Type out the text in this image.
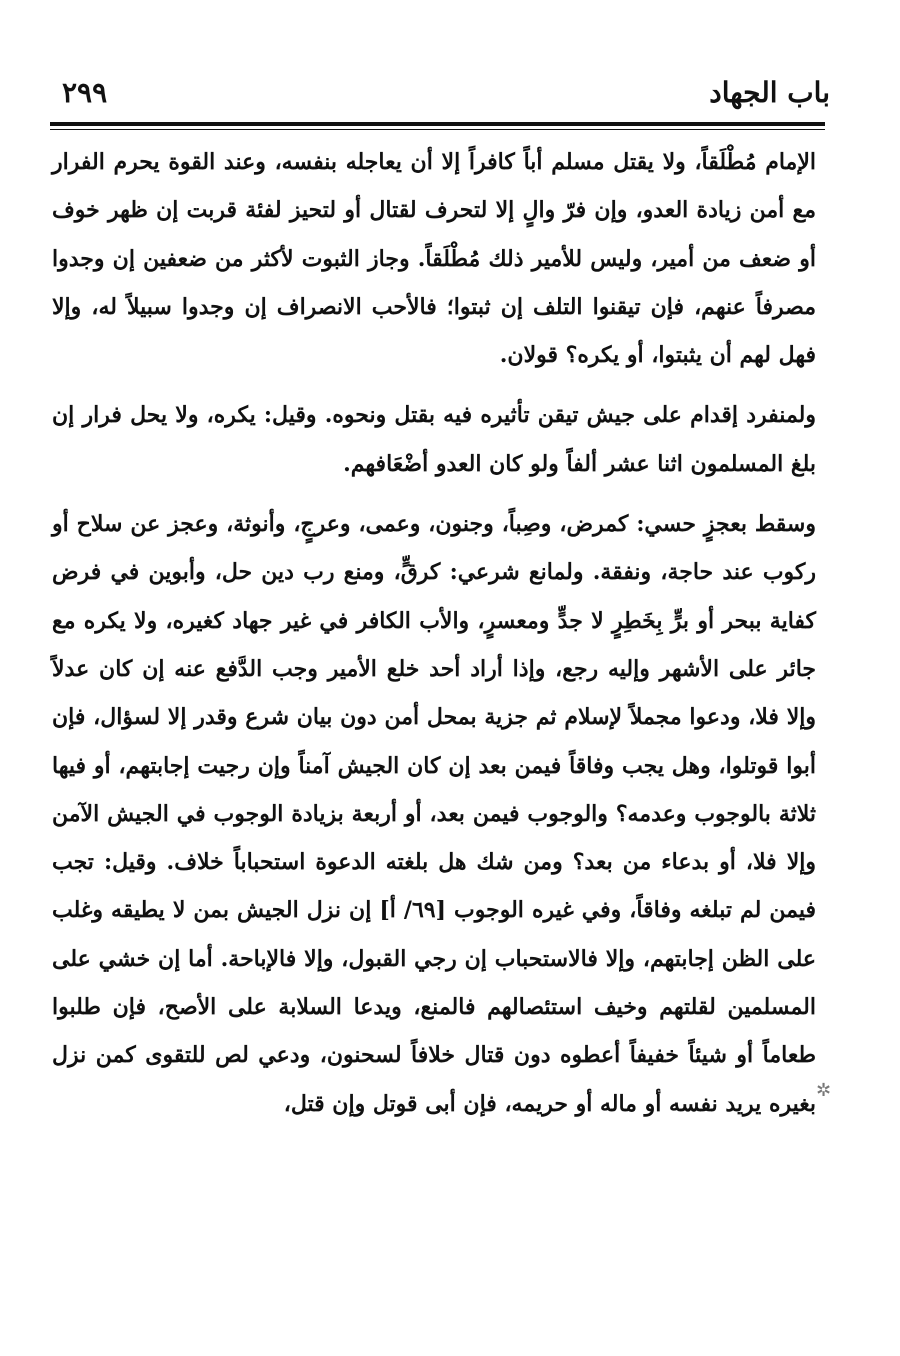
باب الجهاد
٢٩٩

الإمام مُطْلَقاً، ولا يقتل مسلم أباً كافراً إلا أن يعاجله بنفسه، وعند القوة يحرم الفرار مع أمن زيادة العدو، وإن فرّ والٍ إلا لتحرف لقتال أو لتحيز لفئة قربت إن ظهر خوف أو ضعف من أمير، وليس للأمير ذلك مُطْلَقاً. وجاز الثبوت لأكثر من ضعفين إن وجدوا مصرفاً عنهم، فإن تيقنوا التلف إن ثبتوا؛ فالأحب الانصراف إن وجدوا سبيلاً له، وإلا فهل لهم أن يثبتوا، أو يكره؟ قولان.

ولمنفرد إقدام على جيش تيقن تأثيره فيه بقتل ونحوه. وقيل: يكره، ولا يحل فرار إن بلغ المسلمون اثنا عشر ألفاً ولو كان العدو أضْعَافهم.

وسقط بعجزٍ حسي: كمرض، وصِباً، وجنون، وعمى، وعرجٍ، وأنوثة، وعجز عن سلاح أو ركوب عند حاجة، ونفقة. ولمانع شرعي: كرقٍّ، ومنع رب دين حل، وأبوين في فرض كفاية ببحر أو برٍّ بِخَطِرٍ لا جدٍّ ومعسرٍ، والأب الكافر في غير جهاد كغيره، ولا يكره مع جائر على الأشهر وإليه رجع، وإذا أراد أحد خلع الأمير وجب الدَّفع عنه إن كان عدلاً وإلا فلا، ودعوا مجملاً لإسلام ثم جزية بمحل أمن دون بيان شرع وقدر إلا لسؤال، فإن أبوا قوتلوا، وهل يجب وفاقاً فيمن بعد إن كان الجيش آمناً وإن رجيت إجابتهم، أو فيها ثلاثة بالوجوب وعدمه؟ والوجوب فيمن بعد، أو أربعة بزيادة الوجوب في الجيش الآمن وإلا فلا، أو بدعاء من بعد؟ ومن شك هل بلغته الدعوة استحباباً خلاف. وقيل: تجب فيمن لم تبلغه وفاقاً، وفي غيره الوجوب [٦٩/ أ] إن نزل الجيش بمن لا يطيقه وغلب على الظن إجابتهم، وإلا فالاستحباب إن رجي القبول، وإلا فالإباحة. أما إن خشي على المسلمين لقلتهم وخيف استئصالهم فالمنع، ويدعا السلابة على الأصح، فإن طلبوا طعاماً أو شيئاً خفيفاً أعطوه دون قتال خلافاً لسحنون، ودعي لص للتقوى كمن نزل بغيره يريد نفسه أو ماله أو حريمه، فإن أبى قوتل وإن قتل،

✲
